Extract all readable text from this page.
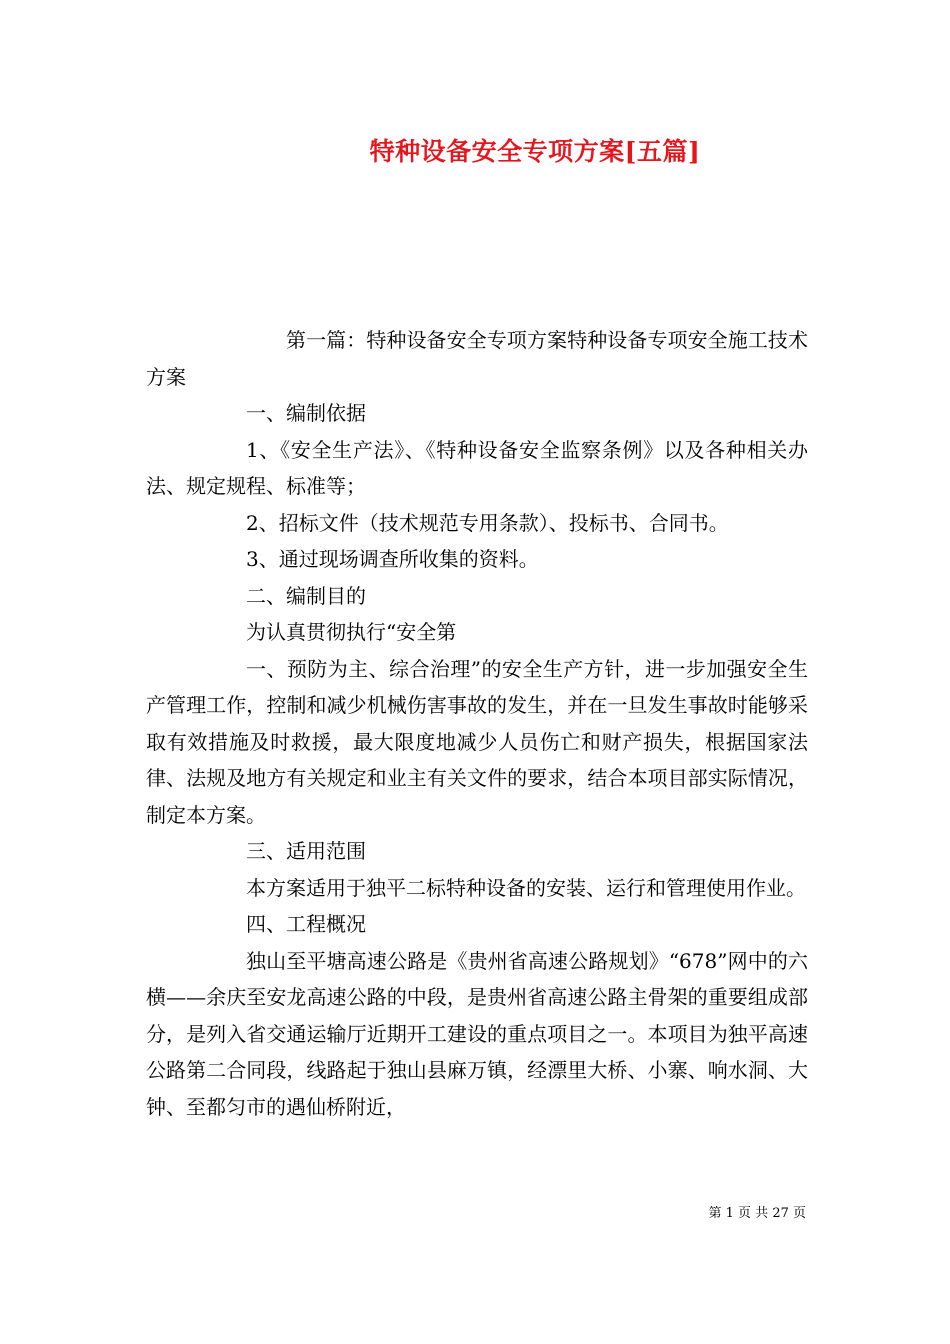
特种设备安全专项方案[五篇]

第一篇：特种设备安全专项方案特种设备专项安全施工技术方案

一、编制依据

1、《安全生产法》、《特种设备安全监察条例》以及各种相关办法、规定规程、标准等；

2、招标文件（技术规范专用条款）、投标书、合同书。

3、通过现场调查所收集的资料。

二、编制目的

为认真贯彻执行“安全第

一、预防为主、综合治理”的安全生产方针，进一步加强安全生产管理工作，控制和减少机械伤害事故的发生，并在一旦发生事故时能够采取有效措施及时救援，最大限度地减少人员伤亡和财产损失，根据国家法律、法规及地方有关规定和业主有关文件的要求，结合本项目部实际情况，制定本方案。

三、适用范围

本方案适用于独平二标特种设备的安装、运行和管理使用作业。

四、工程概况

独山至平塘高速公路是《贵州省高速公路规划》“678”网中的六横——余庆至安龙高速公路的中段，是贵州省高速公路主骨架的重要组成部分，是列入省交通运输厅近期开工建设的重点项目之一。本项目为独平高速公路第二合同段，线路起于独山县麻万镇，经漂里大桥、小寨、响水洞、大钟、至都匀市的遇仙桥附近，

第 1 页 共 27 页
